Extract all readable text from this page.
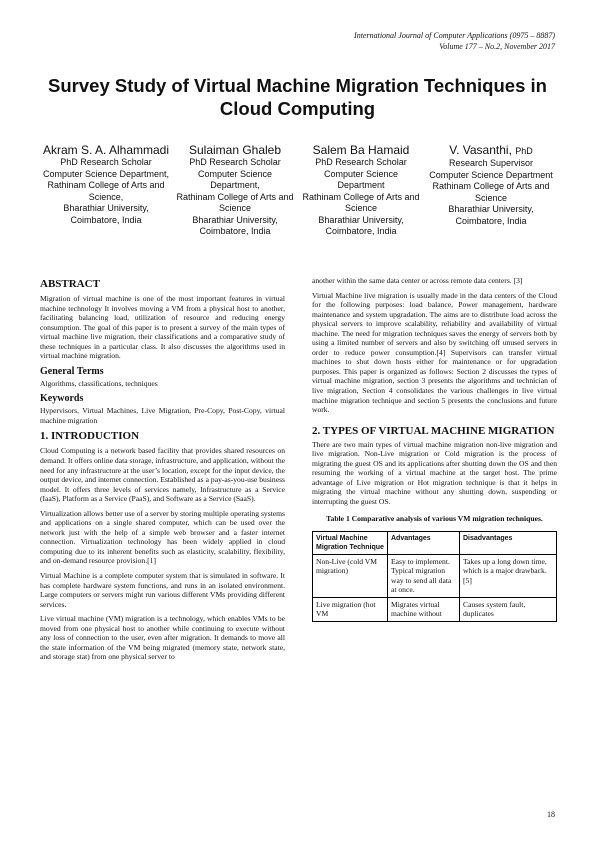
International Journal of Computer Applications (0975 – 8887)
Volume 177 – No.2, November 2017
Survey Study of Virtual Machine Migration Techniques in Cloud Computing
Akram S. A. Alhammadi
PhD Research Scholar
Computer Science Department,
Rathinam College of Arts and Science,
Bharathiar University, Coimbatore, India
Sulaiman Ghaleb
PhD Research Scholar
Computer Science Department,
Rathinam College of Arts and Science
Bharathiar University, Coimbatore, India
Salem Ba Hamaid
PhD Research Scholar
Computer Science Department
Rathinam College of Arts and Science
Bharathiar University, Coimbatore, India
V. Vasanthi, PhD
Research Supervisor
Computer Science Department
Rathinam College of Arts and Science
Bharathiar University, Coimbatore, India
ABSTRACT

Migration of virtual machine is one of the most important features in virtual machine technology It involves moving a VM from a physical host to another, facilitating balancing load, utilization of resource and reducing energy consumption. The goal of this paper is to present a survey of the main types of virtual machine live migration, their classifications and a comparative study of these techniques in a particular class. It also discusses the algorithms used in virtual machine migration.

General Terms

Algorithms, classifications, techniques

Keywords

Hypervisors, Virtual Machines, Live Migration, Pre-Copy, Post-Copy, virtual machine migration

1. INTRODUCTION

Cloud Computing is a network based facility that provides shared resources on demand. It offers online data storage, infrastructure, and application, without the need for any infrastructure at the user’s location, except for the input device, the output device, and internet connection. Established as a pay-as-you-use business model. It offers three levels of services namely, Infrastructure as a Service (IaaS), Platform as a Service (PaaS), and Software as a Service (SaaS).

Virtualization allows better use of a server by storing multiple operating systems and applications on a single shared computer, which can be used over the network just with the help of a simple web browser and a faster internet connection. Virtualization technology has been widely applied in cloud computing due to its inherent benefits such as elasticity, scalability, flexibility, and on-demand resource provision.[1]

Virtual Machine is a complete computer system that is simulated in software. It has complete hardware system functions, and runs in an isolated environment. Large computers or servers might run various different VMs providing different services.

Live virtual machine (VM) migration is a technology, which enables VMs to be moved from one physical host to another while continuing to execute without any loss of connection to the user, even after migration. It demands to move all the state information of the VM being migrated (memory state, network state, and storage stat) from one physical server to

another within the same data center or across remote data centers. [3]

Virtual Machine live migration is usually made in the data centers of the Cloud for the following purposes: load balance, Power management, hardware maintenance and system upgradation. The aims are to distribute load across the physical servers to improve scalability, reliability and availability of virtual machine. The need for migration techniques saves the energy of servers both by using a limited number of servers and also by switching off unused servers in order to reduce power consumption.[4] Supervisors can transfer virtual machines to shut down hosts either for maintenance or for upgradation purposes. This paper is organized as follows: Section 2 discusses the types of virtual machine migration, section 3 presents the algorithms and technician of live migration, Section 4 consolidates the various challenges in live virtual machine migration technique and section 5 presents the conclusions and future work.

2. TYPES OF VIRTUAL MACHINE MIGRATION

There are two main types of virtual machine migration non-live migration and live migration. Non-Live migration or Cold migration is the process of migrating the guest OS and its applications after shutting down the OS and then resuming the working of a virtual machine at the target host. The prime advantage of Live migration or Hot migration technique is that it helps in migrating the virtual machine without any shutting down, suspending or interrupting the guest OS.

Table 1 Comparative analysis of various VM migration techniques.
Virtual Machine Migration Technique	Advantages	Disadvantages
Non-Live (cold VM migration)	Easy to implement. Typical migration way to send all data at once.	Takes up a long down time, which is a major drawback.[5]
Live migration (hot VM	Migrates virtual machine without	Causes system fault, duplicates
18
